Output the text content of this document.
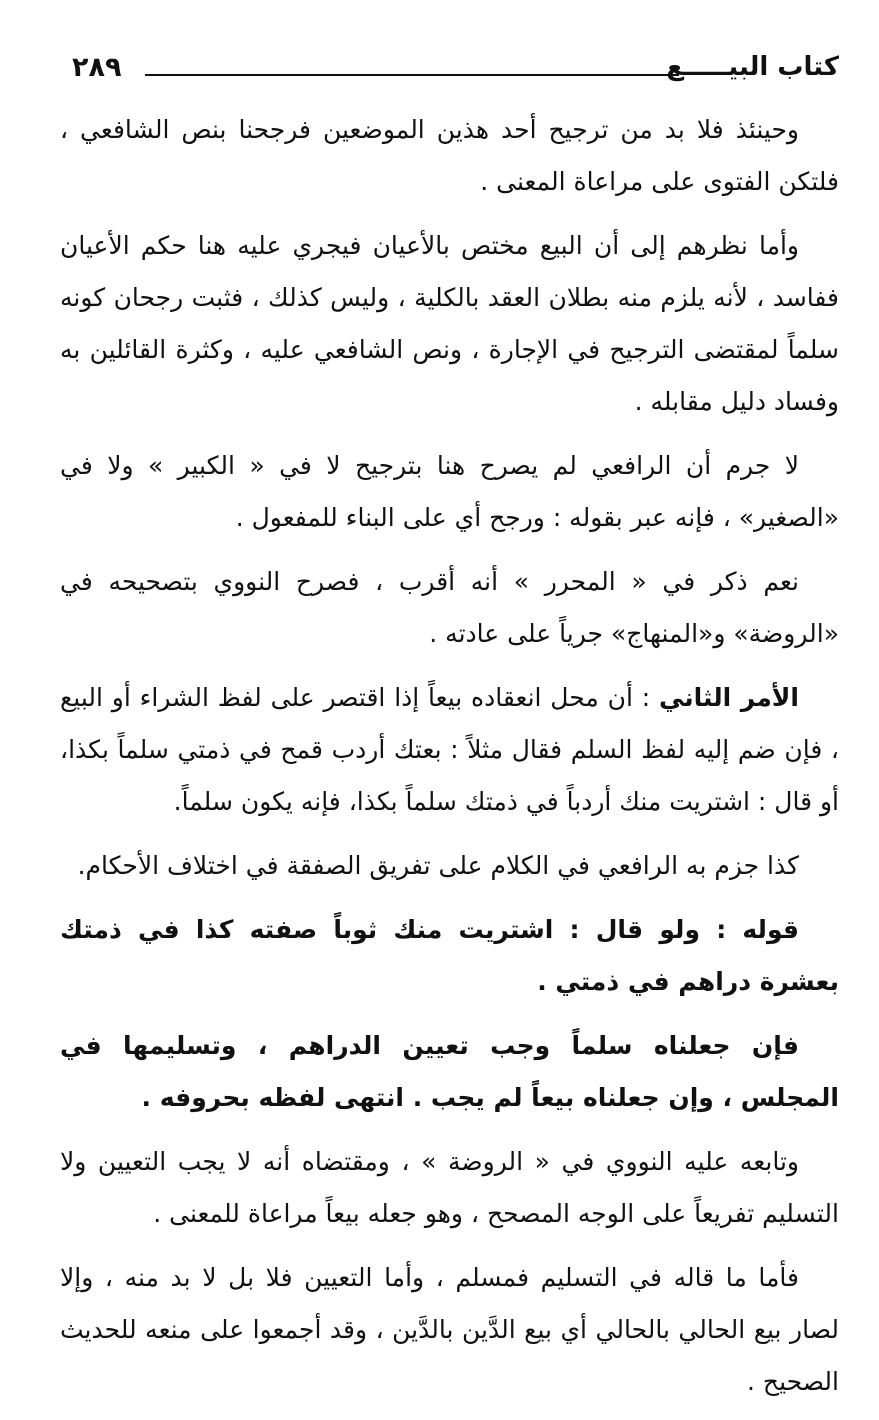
٢٨٩	كتاب البيـــــع

وحينئذ فلا بد من ترجيح أحد هذين الموضعين فرجحنا بنص الشافعي ، فلتكن الفتوى على مراعاة المعنى .

وأما نظرهم إلى أن البيع مختص بالأعيان فيجري عليه هنا حكم الأعيان ففاسد ، لأنه يلزم منه بطلان العقد بالكلية ، وليس كذلك ، فثبت رجحان كونه سلماً لمقتضى الترجيح في الإجارة ، ونص الشافعي عليه ، وكثرة القائلين به وفساد دليل مقابله .

لا جرم أن الرافعي لم يصرح هنا بترجيح لا في « الكبير » ولا في «الصغير» ، فإنه عبر بقوله : ورجح أي على البناء للمفعول .

نعم ذكر في « المحرر » أنه أقرب ، فصرح النووي بتصحيحه في «الروضة» و«المنهاج» جرياً على عادته .

الأمر الثاني : أن محل انعقاده بيعاً إذا اقتصر على لفظ الشراء أو البيع ، فإن ضم إليه لفظ السلم فقال مثلاً : بعتك أردب قمح في ذمتي سلماً بكذا، أو قال : اشتريت منك أردباً في ذمتك سلماً بكذا، فإنه يكون سلماً.

كذا جزم به الرافعي في الكلام على تفريق الصفقة في اختلاف الأحكام.

قوله : ولو قال : اشتريت منك ثوباً صفته كذا في ذمتك بعشرة دراهم في ذمتي .

فإن جعلناه سلماً وجب تعيين الدراهم ، وتسليمها في المجلس ، وإن جعلناه بيعاً لم يجب . انتهى لفظه بحروفه .

وتابعه عليه النووي في « الروضة » ، ومقتضاه أنه لا يجب التعيين ولا التسليم تفريعاً على الوجه المصحح ، وهو جعله بيعاً مراعاة للمعنى .

فأما ما قاله في التسليم فمسلم ، وأما التعيين فلا بل لا بد منه ، وإلا لصار بيع الحالي بالحالي أي بيع الدَّين بالدَّين ، وقد أجمعوا على منعه للحديث الصحيح .
